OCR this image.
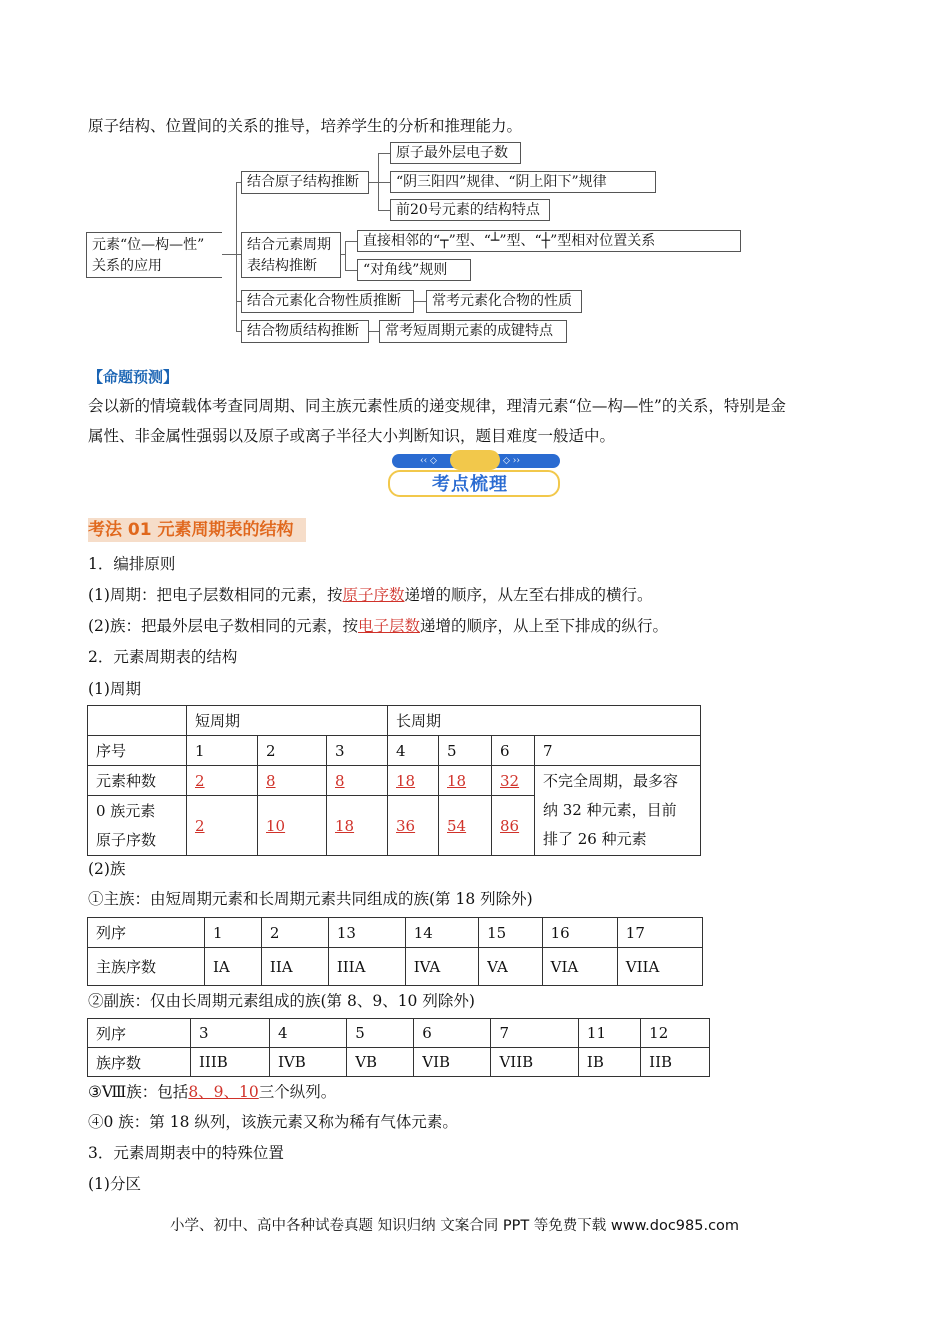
原子结构、位置间的关系的推导，培养学生的分析和推理能力。
元素“位—构—性”
关系的应用
结合原子结构推断
原子最外层电子数
“阴三阳四”规律、“阴上阳下”规律
前20号元素的结构特点
结合元素周期
表结构推断
直接相邻的“┬”型、“┴”型、“┼”型相对位置关系
“对角线”规则
结合元素化合物性质推断	常考元素化合物的性质
结合物质结构推断	常考短周期元素的成键特点
【命题预测】
会以新的情境载体考查同周期、同主族元素性质的递变规律，理清元素“位—构—性”的关系，特别是金
属性、非金属性强弱以及原子或离子半径大小判断知识，题目难度一般适中。
‹‹ ◇	◇ ››
考点梳理
考法 01 元素周期表的结构
1．编排原则
(1)周期：把电子层数相同的元素，按原子序数递增的顺序，从左至右排成的横行。
(2)族：把最外层电子数相同的元素，按电子层数递增的顺序，从上至下排成的纵行。
2．元素周期表的结构
(1)周期
	短周期			长周期			
序号	1	2	3	4	5	6	7
元素种数	2	8	8	18	18	32	不完全周期，最多容
纳 32 种元素，目前
排了 26 种元素

0 族元素
原子序数	2	10	18	36	54	86	
(2)族
①主族：由短周期元素和长周期元素共同组成的族(第 18 列除外)
列序	1	2	13	14	15	16	17
主族序数	IA	IIA	IIIA	IVA	VA	VIA	VIIA
②副族：仅由长周期元素组成的族(第 8、9、10 列除外)
列序	3	4	5	6	7	11	12
族序数	IIIB	IVB	VB	VIB	VIIB	IB	IIB
③Ⅷ族：包括8、9、10三个纵列。
④0 族：第 18 纵列，该族元素又称为稀有气体元素。
3．元素周期表中的特殊位置
(1)分区
小学、初中、高中各种试卷真题 知识归纳 文案合同 PPT 等免费下载 www.doc985.com
